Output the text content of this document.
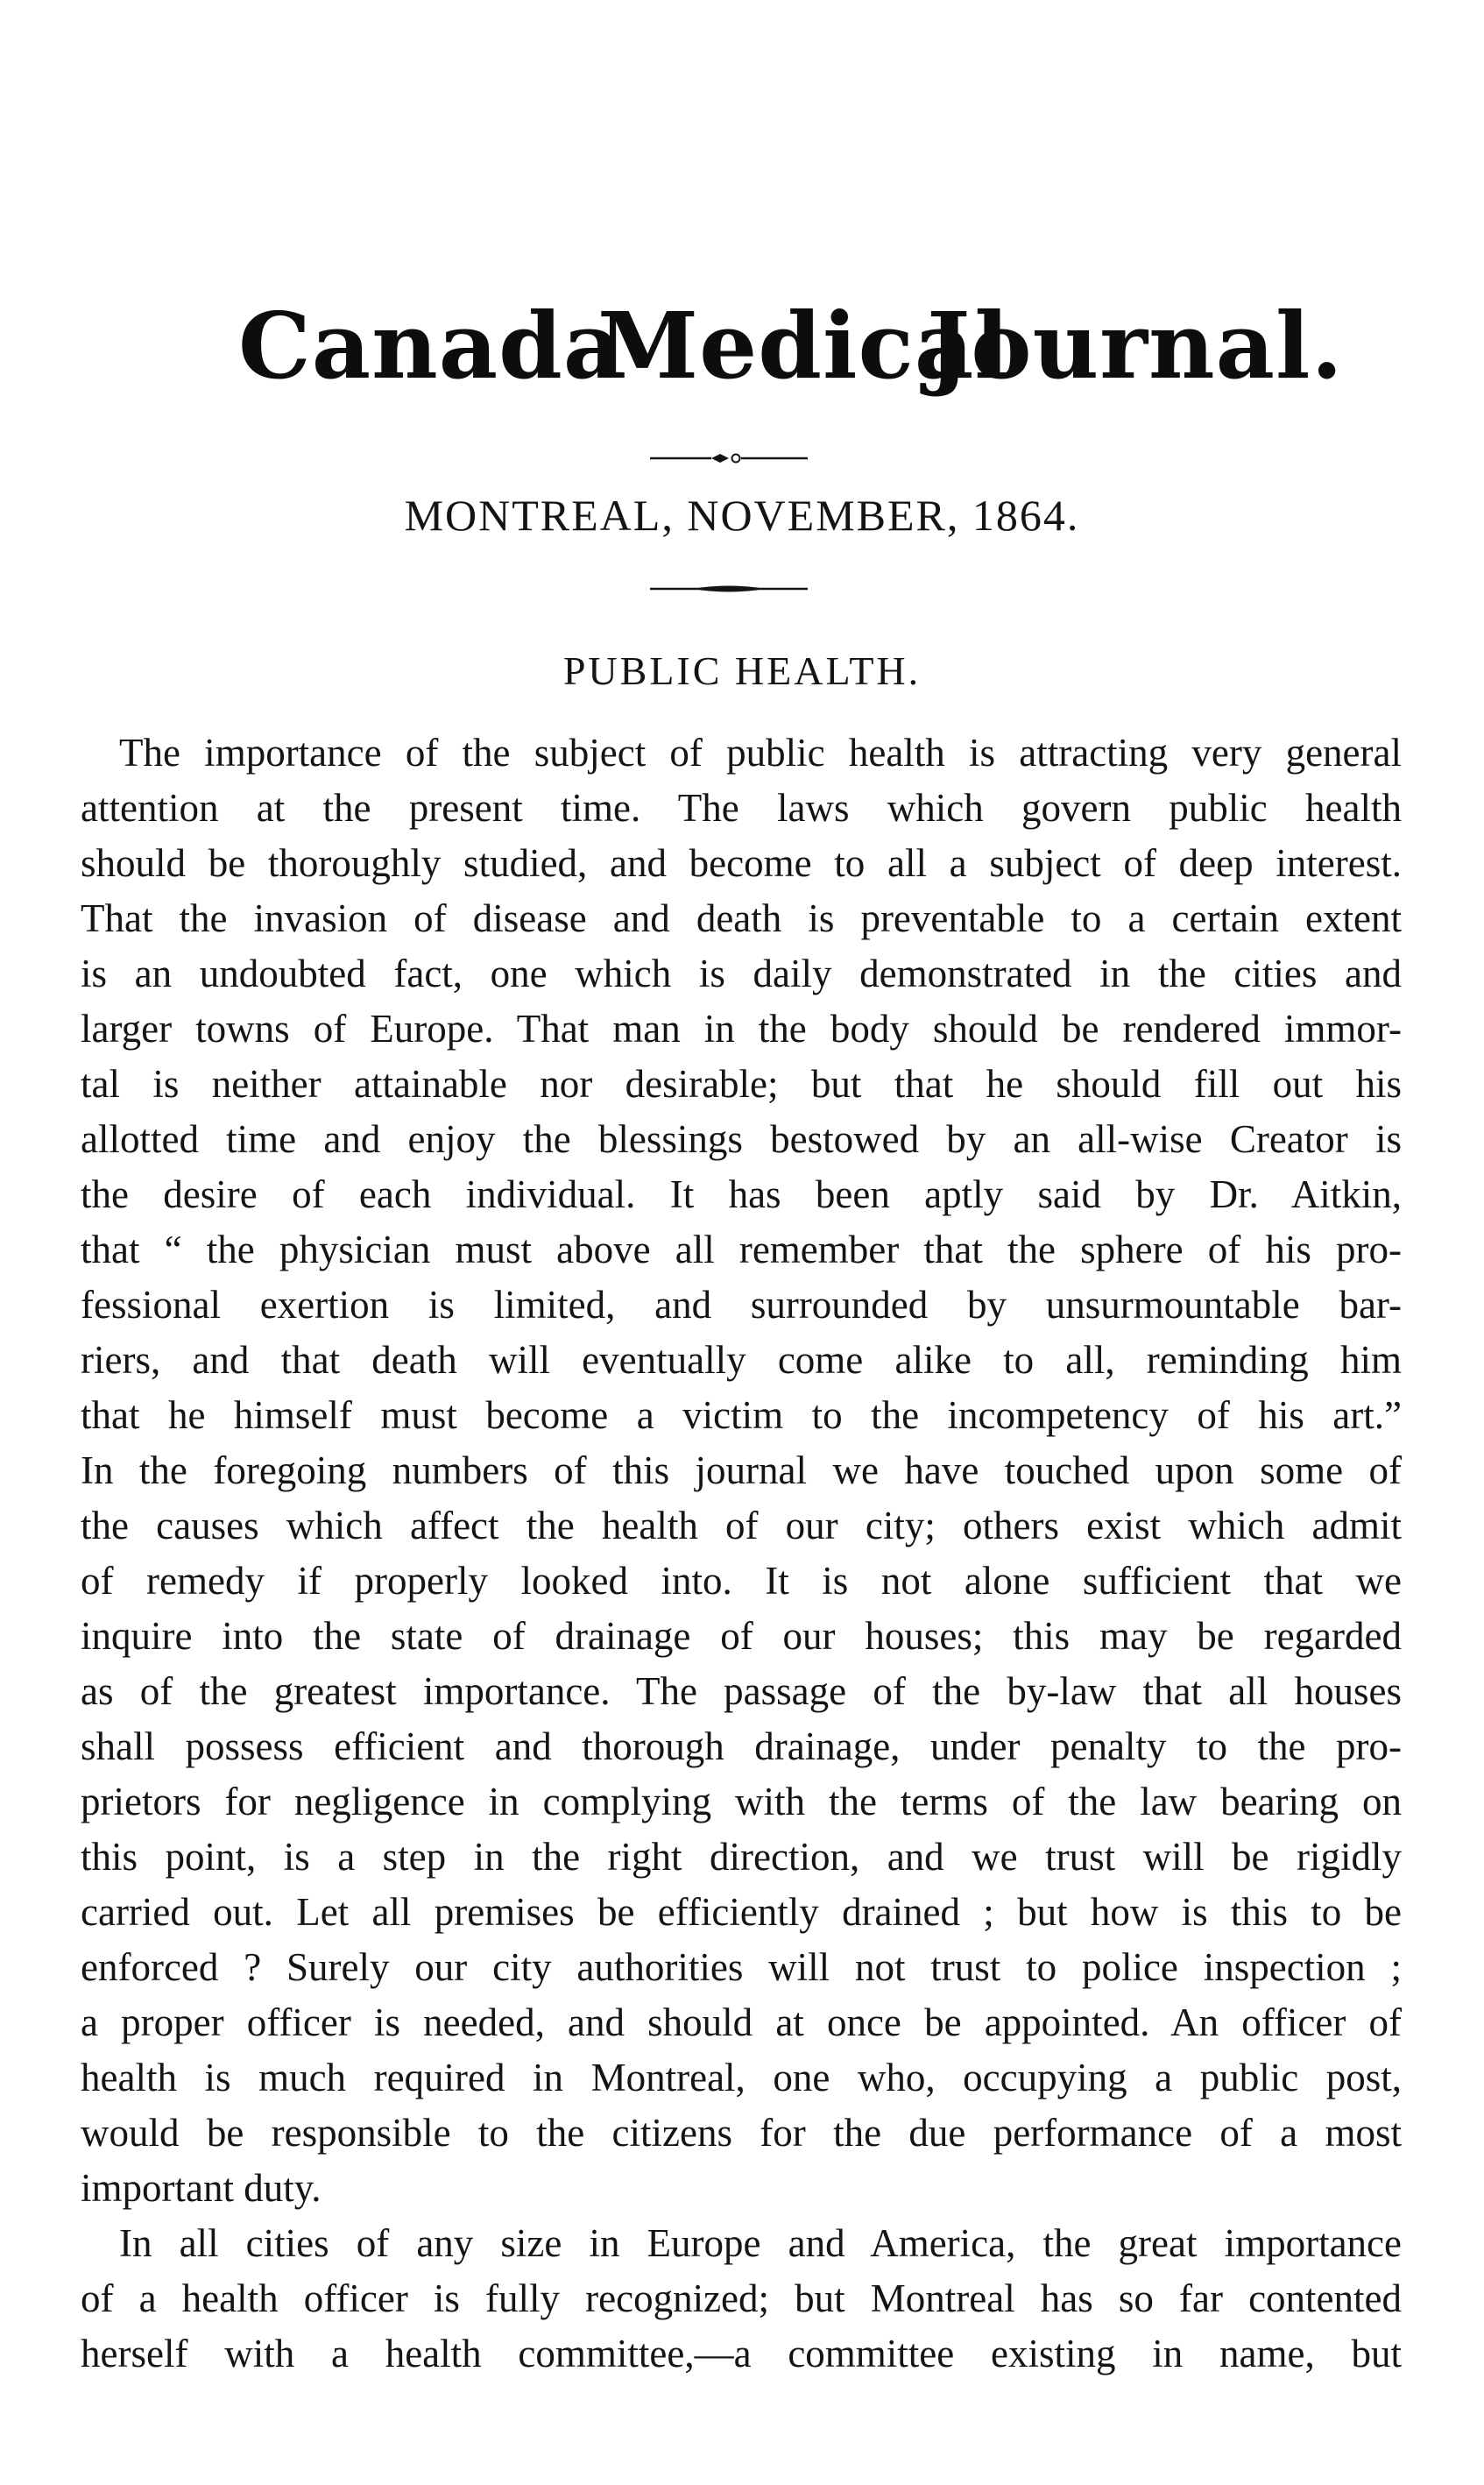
Canada
Medical
Journal.
MONTREAL, NOVEMBER, 1864.
PUBLIC HEALTH.
The importance of the subject of public health is attracting very general
attention at the present time. The laws which govern public health
should be thoroughly studied, and become to all a subject of deep interest.
That the invasion of disease and death is preventable to a certain extent
is an undoubted fact, one which is daily demonstrated in the cities and
larger towns of Europe. That man in the body should be rendered immor-
tal is neither attainable nor desirable; but that he should fill out his
allotted time and enjoy the blessings bestowed by an all-wise Creator is
the desire of each individual. It has been aptly said by Dr. Aitkin,
that “ the physician must above all remember that the sphere of his pro-
fessional exertion is limited, and surrounded by unsurmountable bar-
riers, and that death will eventually come alike to all, reminding him
that he himself must become a victim to the incompetency of his art.”
In the foregoing numbers of this journal we have touched upon some of
the causes which affect the health of our city; others exist which admit
of remedy if properly looked into. It is not alone sufficient that we
inquire into the state of drainage of our houses; this may be regarded
as of the greatest importance. The passage of the by-law that all houses
shall possess efficient and thorough drainage, under penalty to the pro-
prietors for negligence in complying with the terms of the law bearing on
this point, is a step in the right direction, and we trust will be rigidly
carried out. Let all premises be efficiently drained ; but how is this to be
enforced ? Surely our city authorities will not trust to police inspection ;
a proper officer is needed, and should at once be appointed. An officer of
health is much required in Montreal, one who, occupying a public post,
would be responsible to the citizens for the due performance of a most
important duty.
In all cities of any size in Europe and America, the great importance
of a health officer is fully recognized; but Montreal has so far contented
herself with a health committee,—a committee existing in name, but
